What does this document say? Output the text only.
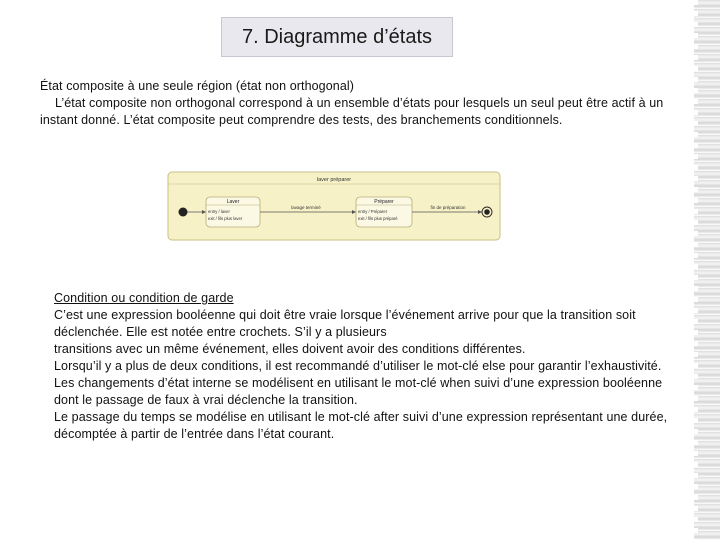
7. Diagramme d’états

État composite à une seule région (état non orthogonal)

L’état composite non orthogonal correspond à un ensemble d’états pour lesquels un seul peut être actif à un instant donné. L’état composite peut comprendre des tests, des branchements conditionnels.

laver préparer
Laver
entry / laver
exit / fils plus laver
lavage terminé
Préparer
entry / Préparer
exit / fils plus préparé
fin de préparation

Condition ou condition de garde

C’est une expression booléenne qui doit être vraie lorsque l’événement arrive pour que la transition soit déclenchée. Elle est notée entre crochets. S’il y a plusieurs

transitions avec un même événement, elles doivent avoir des conditions différentes.

Lorsqu’il y a plus de deux conditions, il est recommandé d’utiliser le mot-clé else pour garantir l’exhaustivité.

Les changements d’état interne se modélisent en utilisant le mot-clé when suivi d’une expression booléenne dont le passage de faux à vrai déclenche la transition.

Le passage du temps se modélise en utilisant le mot-clé after suivi d’une expression représentant une durée, décomptée à partir de l’entrée dans l’état courant.
